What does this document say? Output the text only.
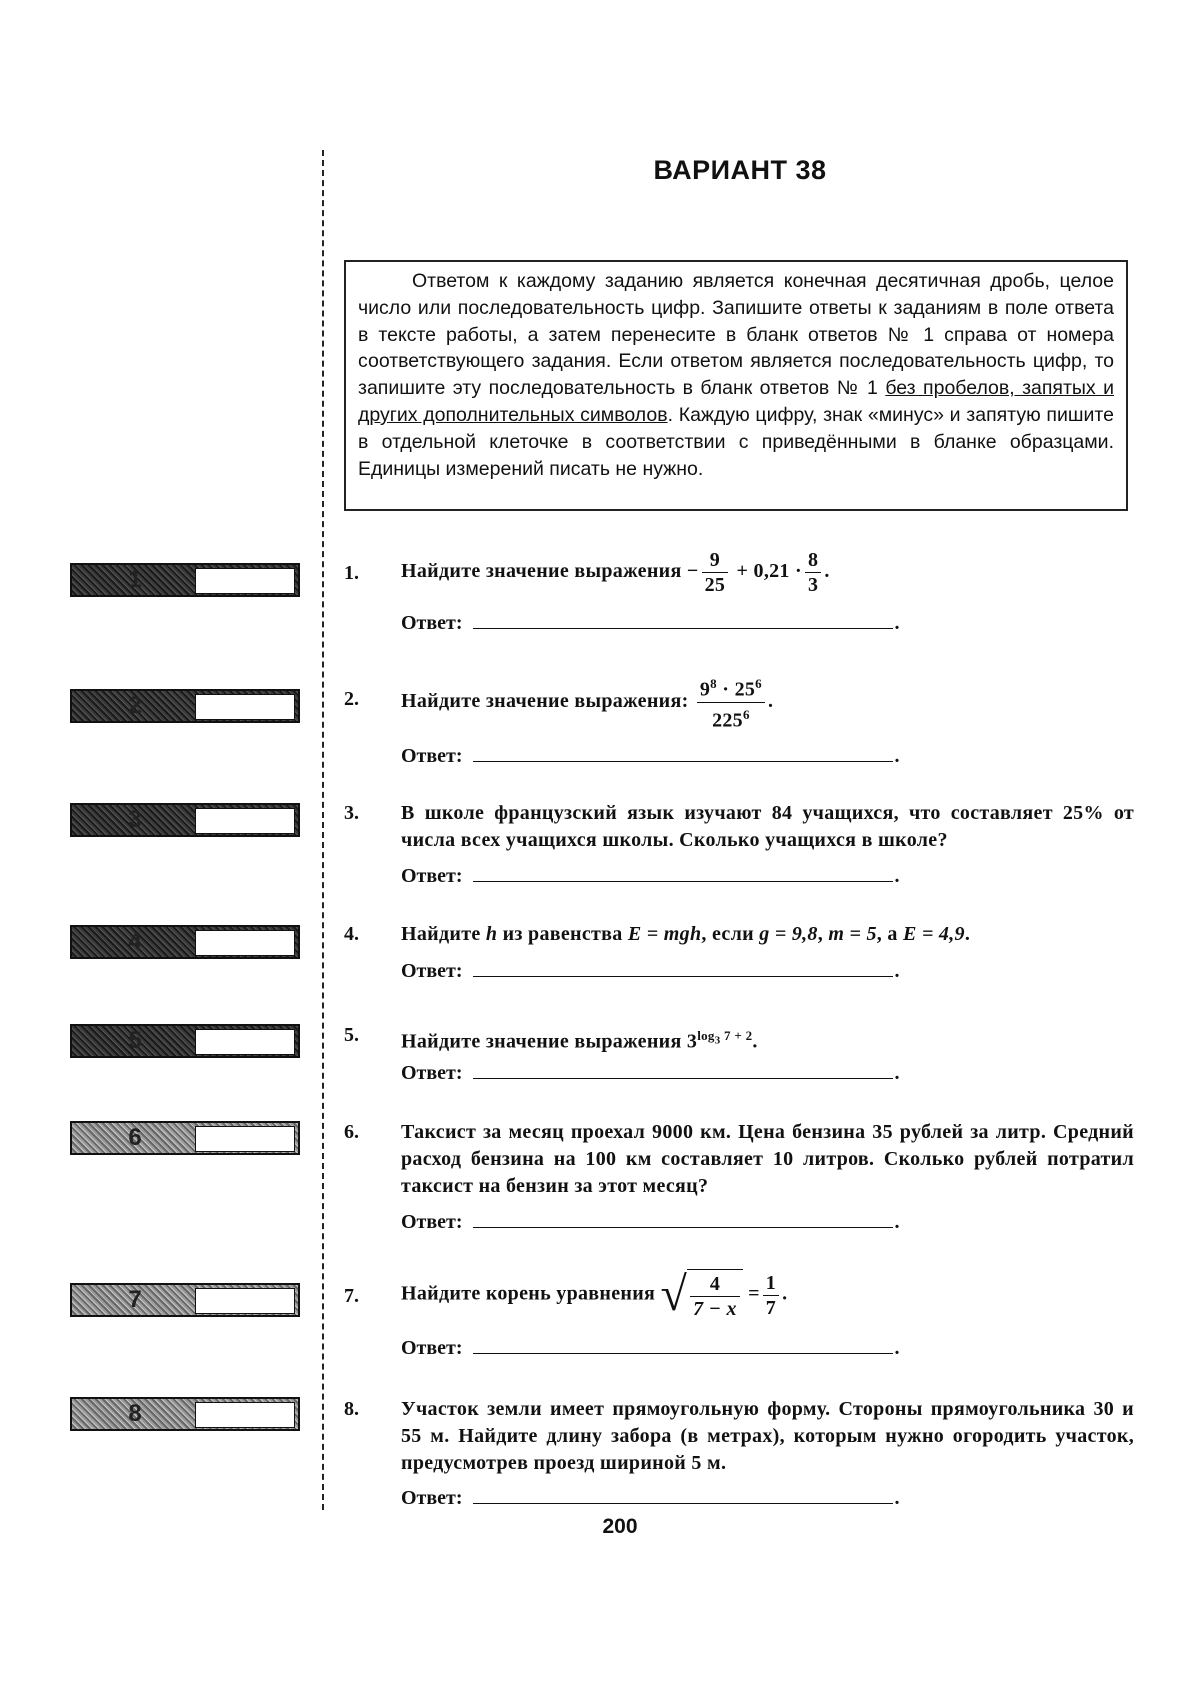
ВАРИАНТ 38

Ответом к каждому заданию является конечная десятичная дробь, целое число или последовательность цифр. Запишите ответы к заданиям в поле ответа в тексте работы, а затем перенесите в бланк ответов № 1 справа от номера соответствующего задания. Если ответом является последовательность цифр, то запишите эту последовательность в бланк ответов № 1 без пробелов, запятых и других дополнительных символов. Каждую цифру, знак «минус» и запятую пишите в отдельной клеточке в соответствии с приведёнными в бланке образцами. Единицы измерений писать не нужно.

1
2
3
4
5
6
7
8
1. Найдите значение выражения − $\frac{9}{25} + 0,21 \cdot \frac{8}{3}$ .
Ответ:	.
2. Найдите значение выражения: $\frac{9^8 \cdot 25^6}{225^6}$ .
Ответ:	.
3. В школе французский язык изучают 84 учащихся, что составляет 25% от числа всех учащихся школы. Сколько учащихся в школе?
Ответ:	.
4. Найдите h из равенства E = mgh, если g = 9,8, m = 5, а E = 4,9.
Ответ:	.
5. Найдите значение выражения $3^{log_3 7 + 2}$.
Ответ:	.
6. Таксист за месяц проехал 9000 км. Цена бензина 35 рублей за литр. Средний расход бензина на 100 км составляет 10 литров. Сколько рублей потратил таксист на бензин за этот месяц?
Ответ:	.
7. Найдите корень уравнения √ $\frac{4}{7 - x} = \frac{1}{7}$ .
Ответ:	.
8. Участок земли имеет прямоугольную форму. Стороны прямоугольника 30 и 55 м. Найдите длину забора (в метрах), которым нужно огородить участок, предусмотрев проезд шириной 5 м.
Ответ:	.
200
